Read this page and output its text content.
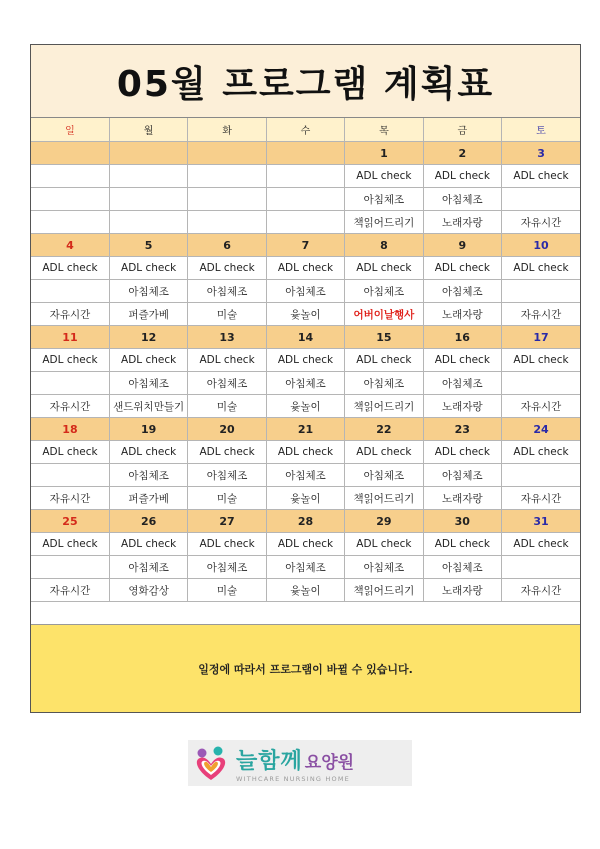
05월 프로그램 계획표
일	월	화	수	목	금	토
				1	2	3
				ADL check	ADL check	ADL check
				아침체조	아침체조	
				책읽어드리기	노래자랑	자유시간
4	5	6	7	8	9	10
ADL check	ADL check	ADL check	ADL check	ADL check	ADL check	ADL check
	아침체조	아침체조	아침체조	아침체조	아침체조	
자유시간	퍼즐가베	미술	윷놀이	어버이날행사	노래자랑	자유시간
11	12	13	14	15	16	17
ADL check	ADL check	ADL check	ADL check	ADL check	ADL check	ADL check
	아침체조	아침체조	아침체조	아침체조	아침체조	
자유시간	샌드위치만들기	미술	윷놀이	책읽어드리기	노래자랑	자유시간
18	19	20	21	22	23	24
ADL check	ADL check	ADL check	ADL check	ADL check	ADL check	ADL check
	아침체조	아침체조	아침체조	아침체조	아침체조	
자유시간	퍼즐가베	미술	윷놀이	책읽어드리기	노래자랑	자유시간
25	26	27	28	29	30	31
ADL check	ADL check	ADL check	ADL check	ADL check	ADL check	ADL check
	아침체조	아침체조	아침체조	아침체조	아침체조	
자유시간	영화감상	미술	윷놀이	책읽어드리기	노래자랑	자유시간
일정에 따라서 프로그램이 바뀔 수 있습니다.
늘함께 요양원
WITHCARE NURSING HOME
